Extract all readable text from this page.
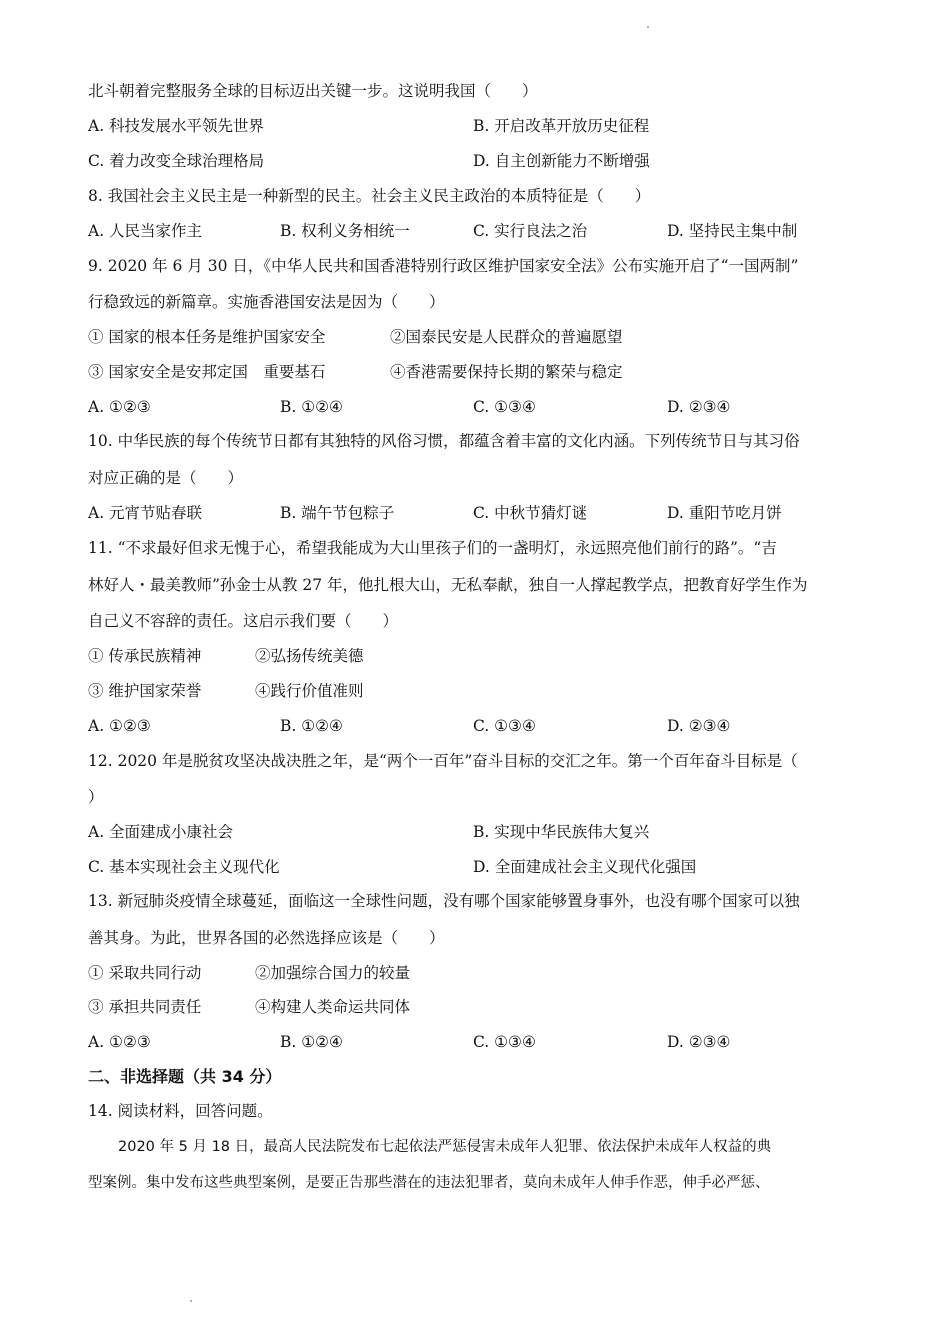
北斗朝着完整服务全球的目标迈出关键一步。这说明我国（　　）
A. 科技发展水平领先世界	B. 开启改革开放历史征程
C. 着力改变全球治理格局	D. 自主创新能力不断增强
8. 我国社会主义民主是一种新型的民主。社会主义民主政治的本质特征是（　　）
A. 人民当家作主	B. 权利义务相统一	C. 实行良法之治	D. 坚持民主集中制
9. 2020 年 6 月 30 日，《中华人民共和国香港特别行政区维护国家安全法》公布实施开启了“一国两制”
行稳致远的新篇章。实施香港国安法是因为（　　）
① 国家的根本任务是维护国家安全	②国泰民安是人民群众的普遍愿望
③ 国家安全是安邦定国　重要基石	④香港需要保持长期的繁荣与稳定
A. ①②③	B. ①②④	C. ①③④	D. ②③④
10. 中华民族的每个传统节日都有其独特的风俗习惯，都蕴含着丰富的文化内涵。下列传统节日与其习俗
对应正确的是（　　）
A. 元宵节贴春联	B. 端午节包粽子	C. 中秋节猜灯谜	D. 重阳节吃月饼
11. “不求最好但求无愧于心，希望我能成为大山里孩子们的一盏明灯，永远照亮他们前行的路”。“吉
林好人・最美教师”孙金士从教 27 年，他扎根大山，无私奉献，独自一人撑起教学点，把教育好学生作为
自己义不容辞的责任。这启示我们要（　　）
① 传承民族精神	②弘扬传统美德
③ 维护国家荣誉	④践行价值准则
A. ①②③	B. ①②④	C. ①③④	D. ②③④
12. 2020 年是脱贫攻坚决战决胜之年，是“两个一百年”奋斗目标的交汇之年。第一个百年奋斗目标是（
）
A. 全面建成小康社会	B. 实现中华民族伟大复兴
C. 基本实现社会主义现代化	D. 全面建成社会主义现代化强国
13. 新冠肺炎疫情全球蔓延，面临这一全球性问题，没有哪个国家能够置身事外，也没有哪个国家可以独
善其身。为此，世界各国的必然选择应该是（　　）
① 采取共同行动	②加强综合国力的较量
③ 承担共同责任	④构建人类命运共同体
A. ①②③	B. ①②④	C. ①③④	D. ②③④
二、非选择题（共 34 分）
14. 阅读材料，回答问题。
2020 年 5 月 18 日，最高人民法院发布七起依法严惩侵害未成年人犯罪、依法保护未成年人权益的典
型案例。集中发布这些典型案例，是要正告那些潜在的违法犯罪者，莫向未成年人伸手作恶，伸手必严惩、
